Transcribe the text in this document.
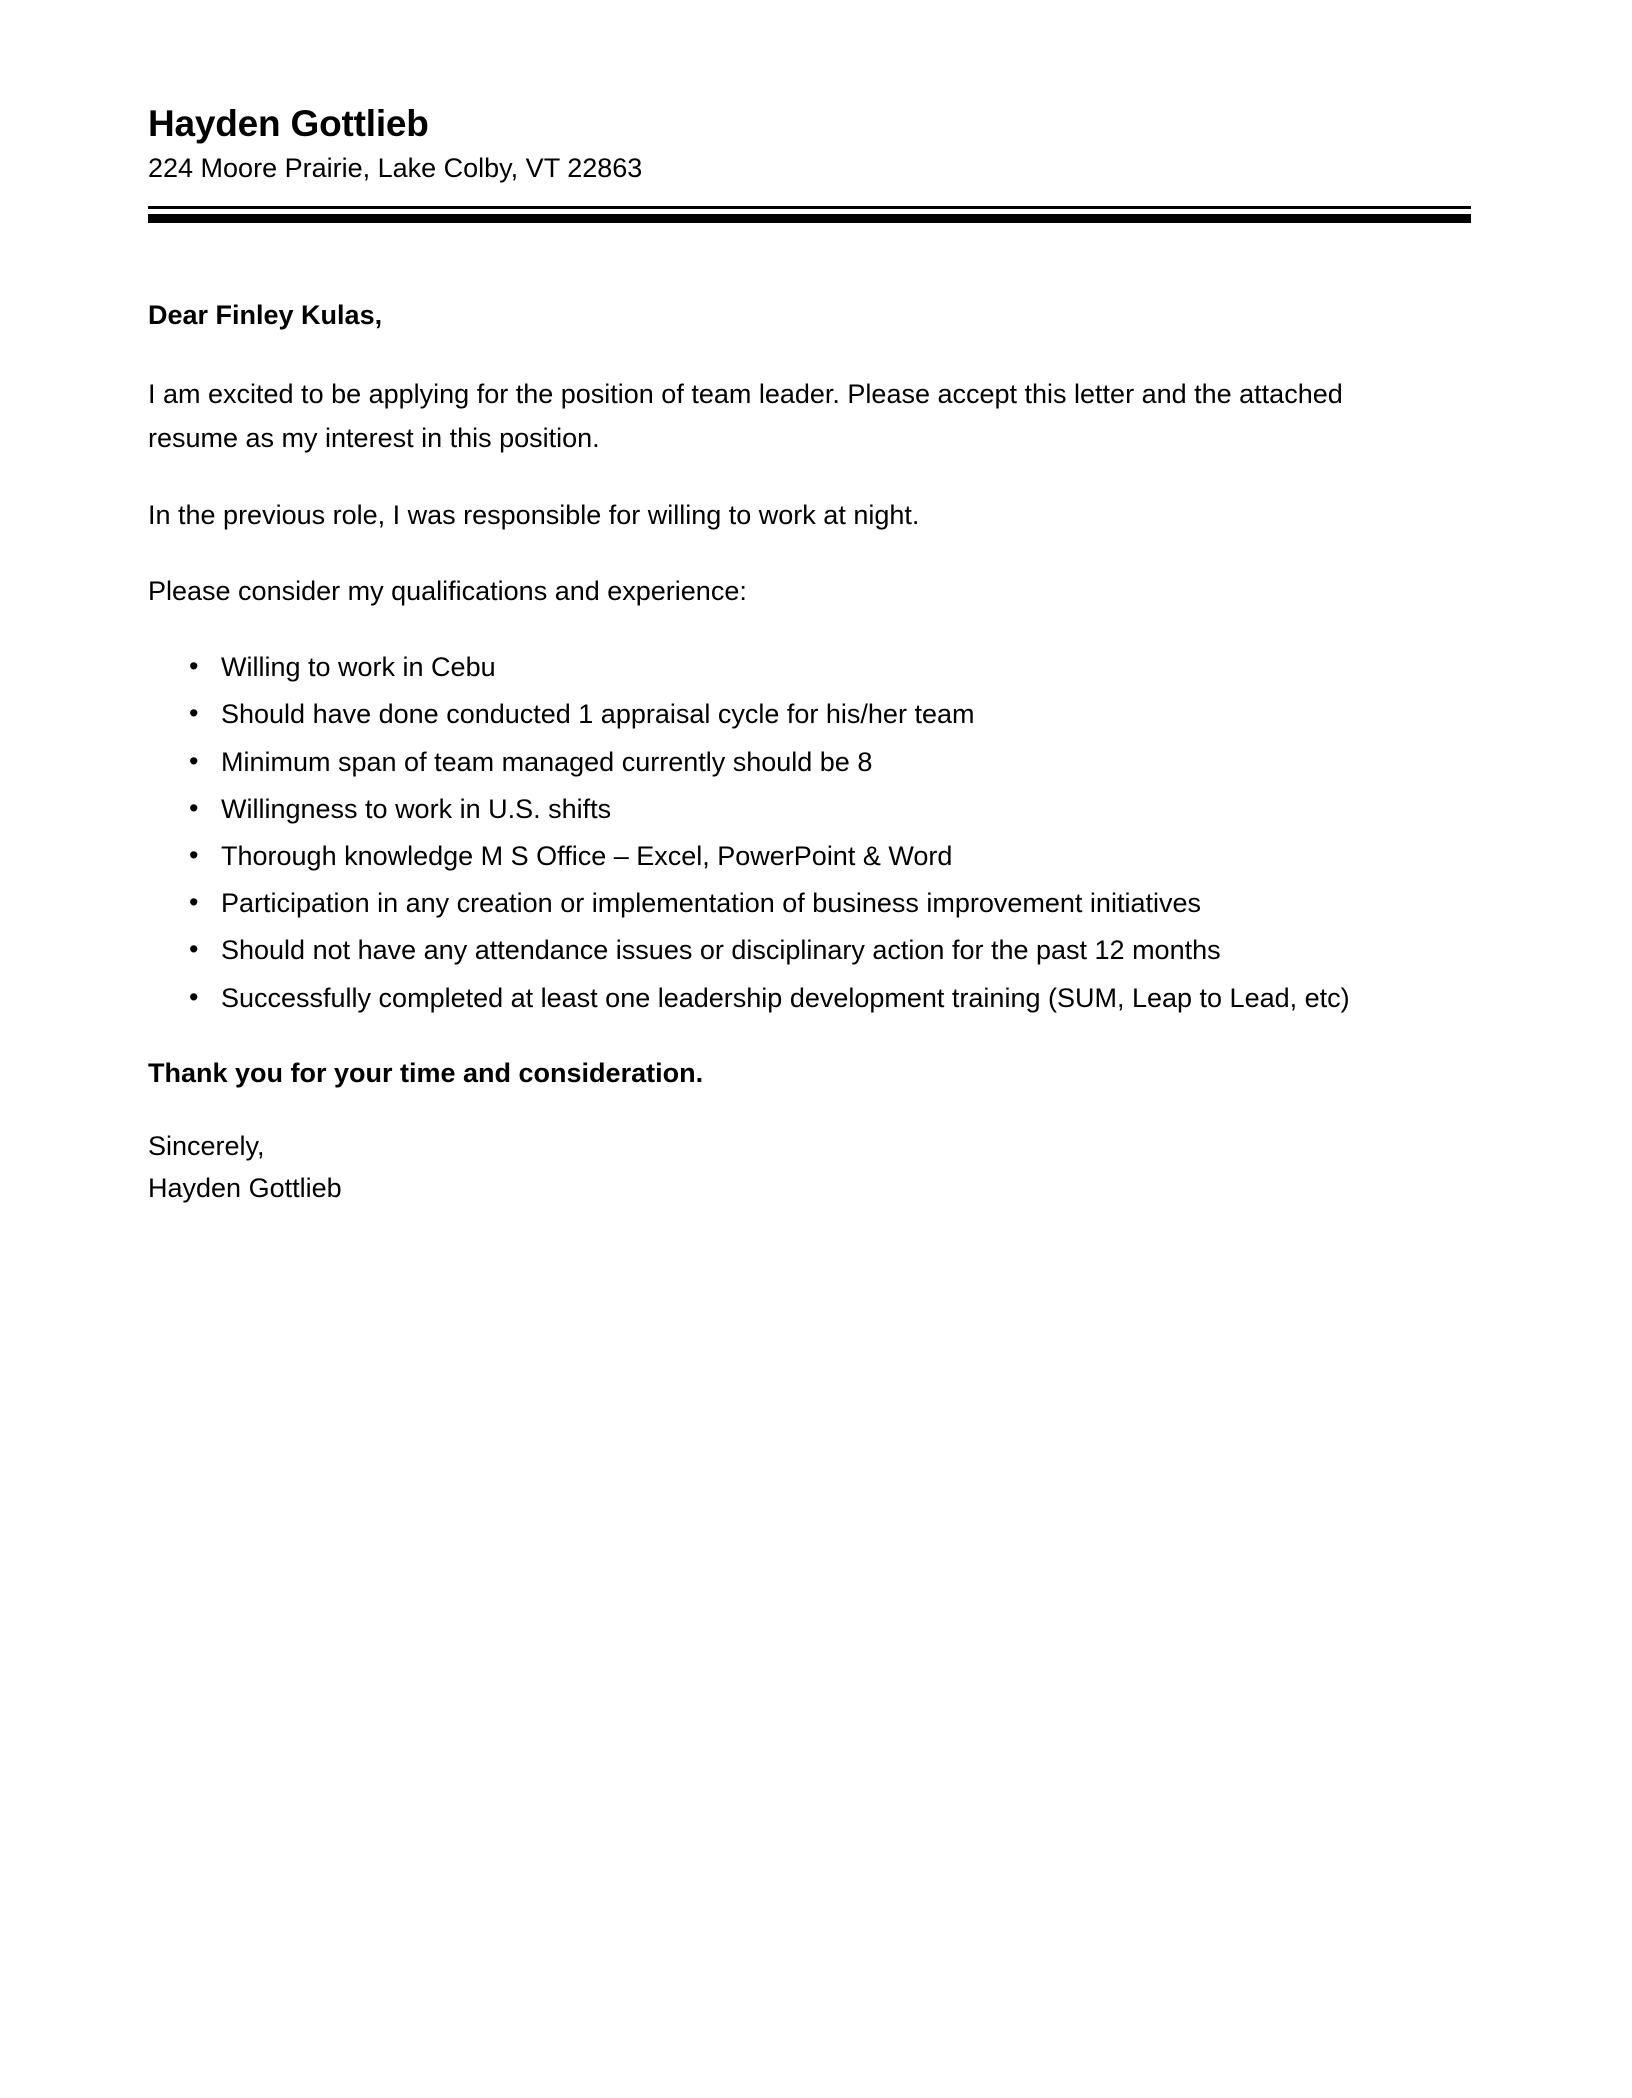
Hayden Gottlieb

224 Moore Prairie, Lake Colby, VT 22863

Dear Finley Kulas,

I am excited to be applying for the position of team leader. Please accept this letter and the attached resume as my interest in this position.

In the previous role, I was responsible for willing to work at night.

Please consider my qualifications and experience:

• Willing to work in Cebu
• Should have done conducted 1 appraisal cycle for his/her team
• Minimum span of team managed currently should be 8
• Willingness to work in U.S. shifts
• Thorough knowledge M S Office – Excel, PowerPoint & Word
• Participation in any creation or implementation of business improvement initiatives
• Should not have any attendance issues or disciplinary action for the past 12 months
• Successfully completed at least one leadership development training (SUM, Leap to Lead, etc)

Thank you for your time and consideration.

Sincerely,
Hayden Gottlieb
